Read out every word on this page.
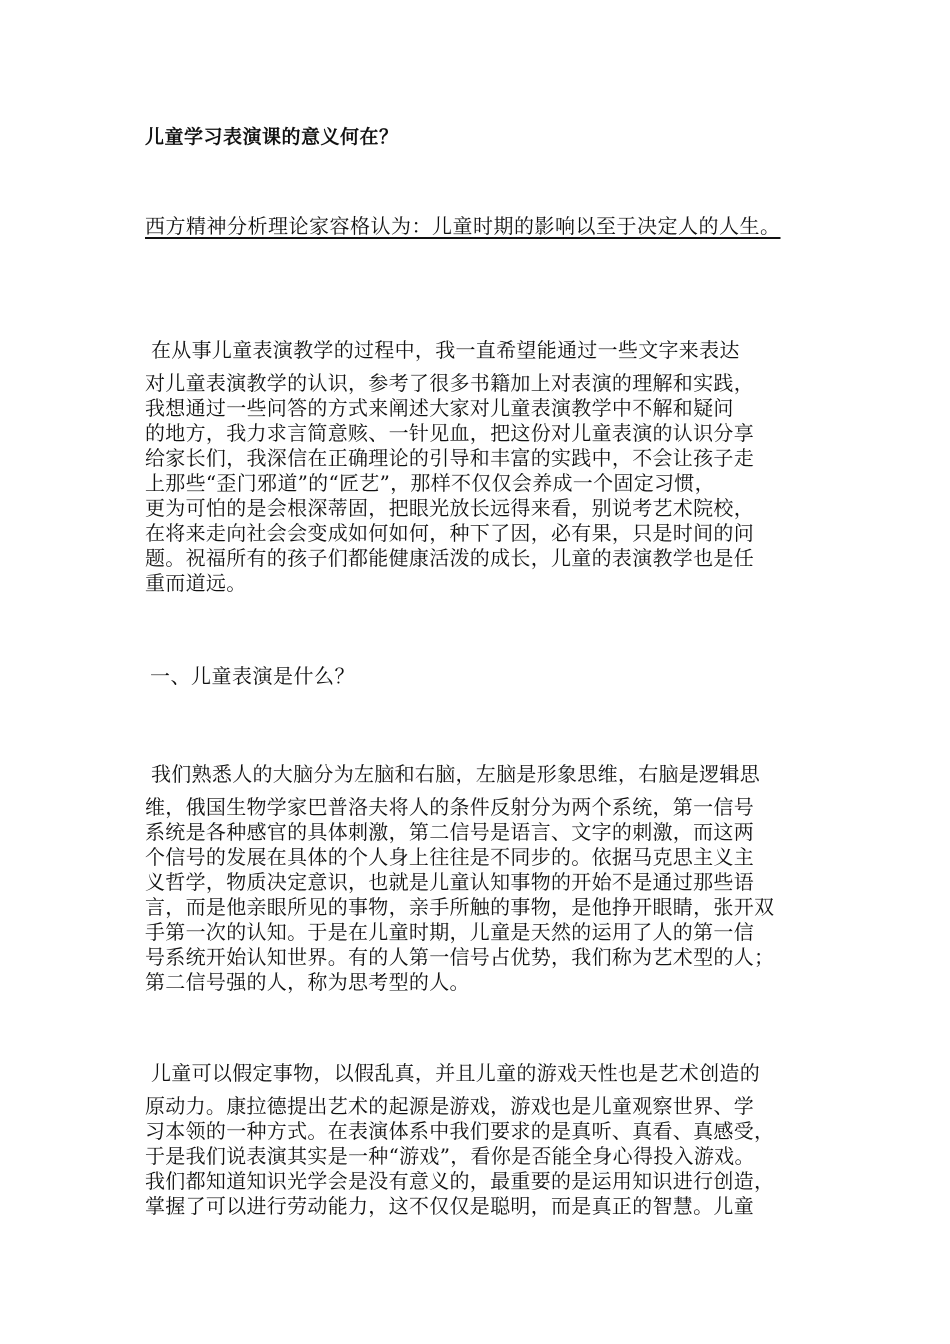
儿童学习表演课的意义何在？
西方精神分析理论家容格认为：儿童时期的影响以至于决定人的人生。
在从事儿童表演教学的过程中，我一直希望能通过一些文字来表达
对儿童表演教学的认识，参考了很多书籍加上对表演的理解和实践，
我想通过一些问答的方式来阐述大家对儿童表演教学中不解和疑问
的地方，我力求言简意赅、一针见血，把这份对儿童表演的认识分享
给家长们，我深信在正确理论的引导和丰富的实践中，不会让孩子走
上那些“歪门邪道”的“匠艺”，那样不仅仅会养成一个固定习惯，
更为可怕的是会根深蒂固，把眼光放长远得来看，别说考艺术院校，
在将来走向社会会变成如何如何，种下了因，必有果，只是时间的问
题。祝福所有的孩子们都能健康活泼的成长，儿童的表演教学也是任
重而道远。
一、儿童表演是什么？
我们熟悉人的大脑分为左脑和右脑，左脑是形象思维，右脑是逻辑思
维，俄国生物学家巴普洛夫将人的条件反射分为两个系统，第一信号
系统是各种感官的具体刺激，第二信号是语言、文字的刺激，而这两
个信号的发展在具体的个人身上往往是不同步的。依据马克思主义主
义哲学，物质决定意识，也就是儿童认知事物的开始不是通过那些语
言，而是他亲眼所见的事物，亲手所触的事物，是他挣开眼睛，张开双
手第一次的认知。于是在儿童时期，儿童是天然的运用了人的第一信
号系统开始认知世界。有的人第一信号占优势，我们称为艺术型的人；
第二信号强的人，称为思考型的人。
儿童可以假定事物，以假乱真，并且儿童的游戏天性也是艺术创造的
原动力。康拉德提出艺术的起源是游戏，游戏也是儿童观察世界、学
习本领的一种方式。在表演体系中我们要求的是真听、真看、真感受，
于是我们说表演其实是一种“游戏”，看你是否能全身心得投入游戏。
我们都知道知识光学会是没有意义的，最重要的是运用知识进行创造，
掌握了可以进行劳动能力，这不仅仅是聪明，而是真正的智慧。儿童
